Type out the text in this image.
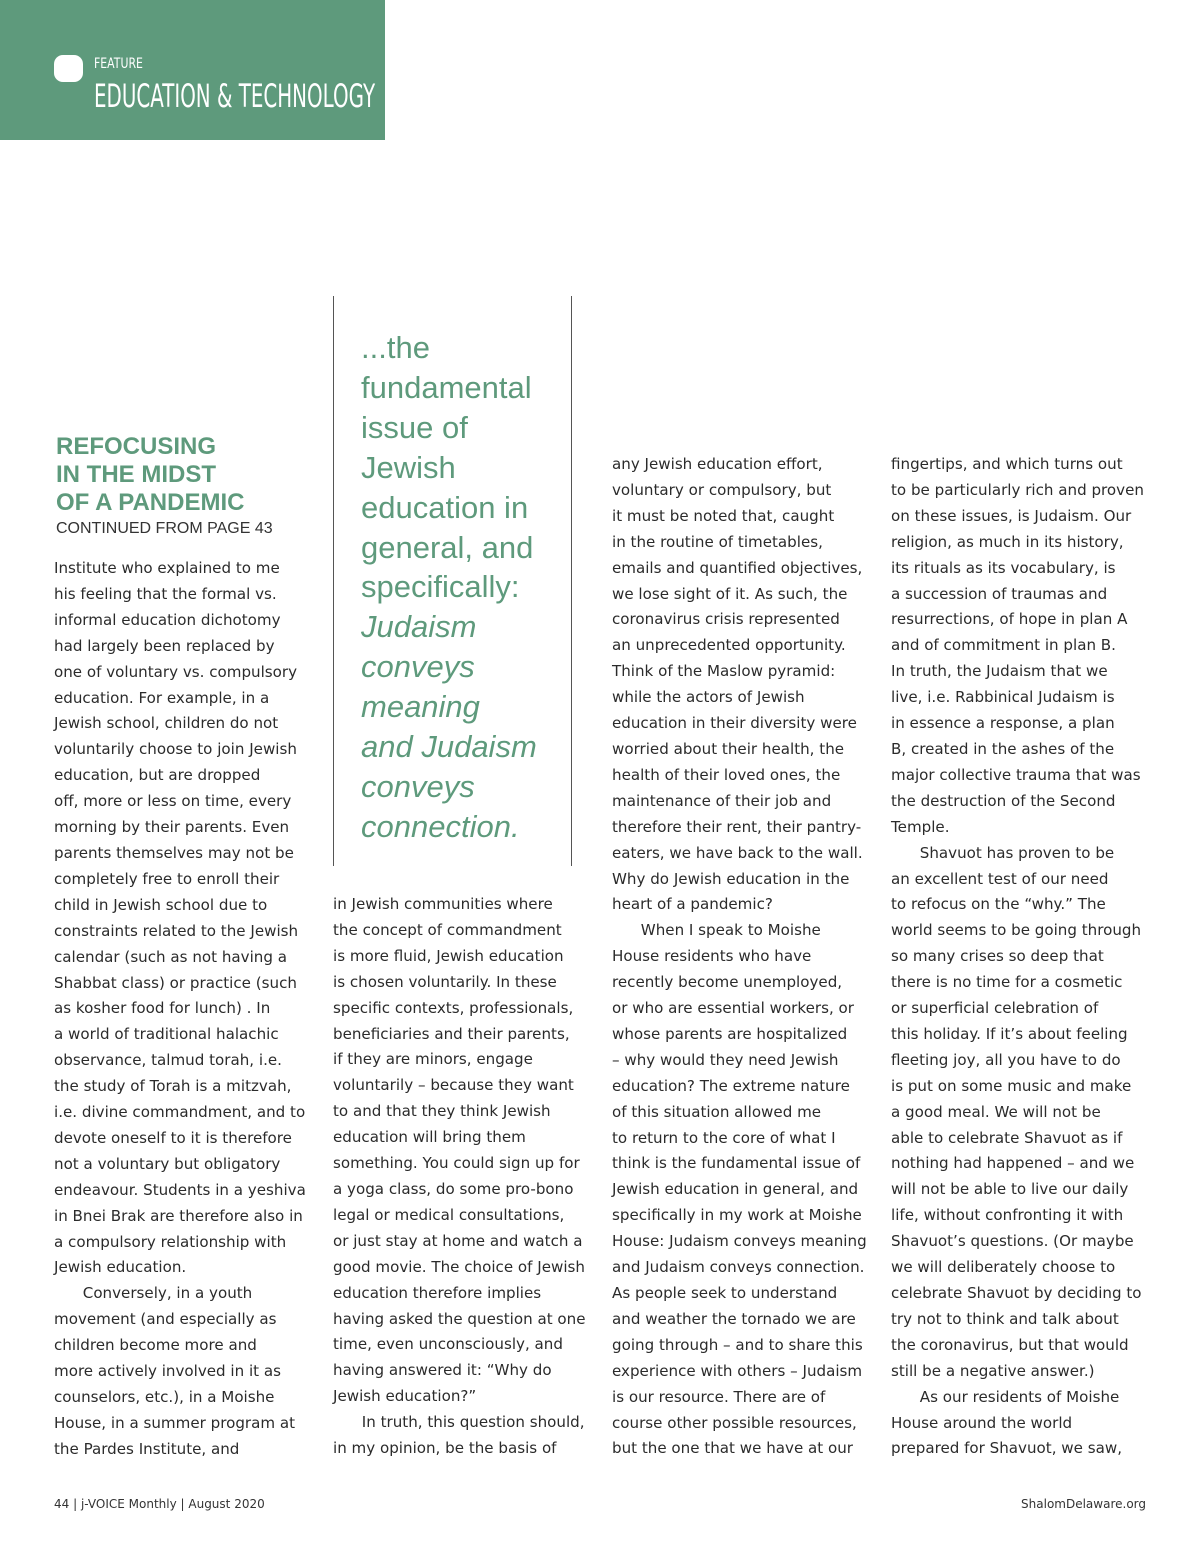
FEATURE
EDUCATION & TECHNOLOGY
...the
fundamental
issue of
Jewish
education in
general, and
specifically:
Judaism
conveys
meaning
and Judaism
conveys
connection.
REFOCUSING
IN THE MIDST
OF A PANDEMIC
CONTINUED FROM PAGE 43
Institute who explained to me
his feeling that the formal vs.
informal education dichotomy
had largely been replaced by
one of voluntary vs. compulsory
education. For example, in a
Jewish school, children do not
voluntarily choose to join Jewish
education, but are dropped
off, more or less on time, every
morning by their parents. Even
parents themselves may not be
completely free to enroll their
child in Jewish school due to
constraints related to the Jewish
calendar (such as not having a
Shabbat class) or practice (such
as kosher food for lunch) . In
a world of traditional halachic
observance, talmud torah, i.e.
the study of Torah is a mitzvah,
i.e. divine commandment, and to
devote oneself to it is therefore
not a voluntary but obligatory
endeavour. Students in a yeshiva
in Bnei Brak are therefore also in
a compulsory relationship with
Jewish education.
Conversely, in a youth
movement (and especially as
children become more and
more actively involved in it as
counselors, etc.), in a Moishe
House, in a summer program at
the Pardes Institute, and
in Jewish communities where
the concept of commandment
is more fluid, Jewish education
is chosen voluntarily. In these
specific contexts, professionals,
beneficiaries and their parents,
if they are minors, engage
voluntarily – because they want
to and that they think Jewish
education will bring them
something. You could sign up for
a yoga class, do some pro-bono
legal or medical consultations,
or just stay at home and watch a
good movie. The choice of Jewish
education therefore implies
having asked the question at one
time, even unconsciously, and
having answered it: “Why do
Jewish education?”
In truth, this question should,
in my opinion, be the basis of
any Jewish education effort,
voluntary or compulsory, but
it must be noted that, caught
in the routine of timetables,
emails and quantified objectives,
we lose sight of it. As such, the
coronavirus crisis represented
an unprecedented opportunity.
Think of the Maslow pyramid:
while the actors of Jewish
education in their diversity were
worried about their health, the
health of their loved ones, the
maintenance of their job and
therefore their rent, their pantry-
eaters, we have back to the wall.
Why do Jewish education in the
heart of a pandemic?
When I speak to Moishe
House residents who have
recently become unemployed,
or who are essential workers, or
whose parents are hospitalized
– why would they need Jewish
education? The extreme nature
of this situation allowed me
to return to the core of what I
think is the fundamental issue of
Jewish education in general, and
specifically in my work at Moishe
House: Judaism conveys meaning
and Judaism conveys connection.
As people seek to understand
and weather the tornado we are
going through – and to share this
experience with others – Judaism
is our resource. There are of
course other possible resources,
but the one that we have at our
fingertips, and which turns out
to be particularly rich and proven
on these issues, is Judaism. Our
religion, as much in its history,
its rituals as its vocabulary, is
a succession of traumas and
resurrections, of hope in plan A
and of commitment in plan B.
In truth, the Judaism that we
live, i.e. Rabbinical Judaism is
in essence a response, a plan
B, created in the ashes of the
major collective trauma that was
the destruction of the Second
Temple.
Shavuot has proven to be
an excellent test of our need
to refocus on the “why.” The
world seems to be going through
so many crises so deep that
there is no time for a cosmetic
or superficial celebration of
this holiday. If it’s about feeling
fleeting joy, all you have to do
is put on some music and make
a good meal. We will not be
able to celebrate Shavuot as if
nothing had happened – and we
will not be able to live our daily
life, without confronting it with
Shavuot’s questions. (Or maybe
we will deliberately choose to
celebrate Shavuot by deciding to
try not to think and talk about
the coronavirus, but that would
still be a negative answer.)
As our residents of Moishe
House around the world
prepared for Shavuot, we saw,
44 | j-VOICE Monthly | August 2020	ShalomDelaware.org
